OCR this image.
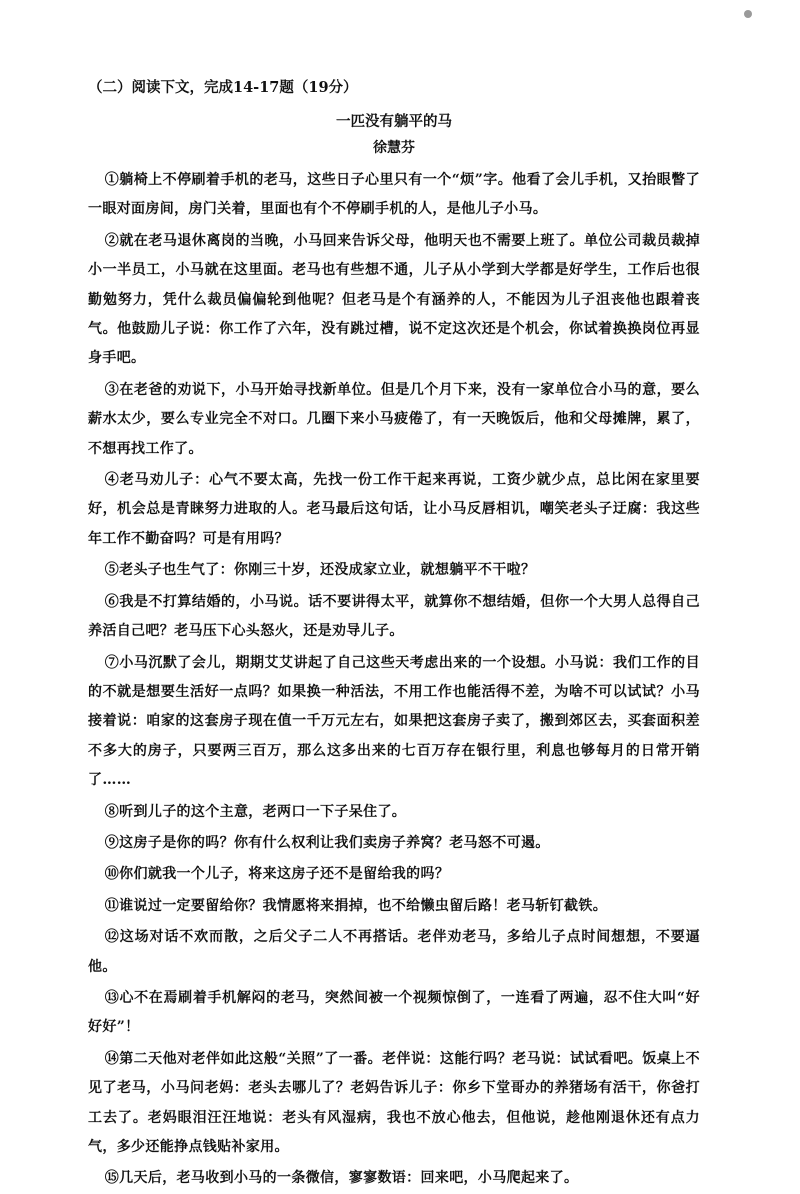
（二）阅读下文，完成14-17题（19分）

一匹没有躺平的马

徐慧芬

①躺椅上不停刷着手机的老马，这些日子心里只有一个“烦”字。他看了会儿手机，又抬眼瞥了一眼对面房间，房门关着，里面也有个不停刷手机的人，是他儿子小马。

②就在老马退休离岗的当晚，小马回来告诉父母，他明天也不需要上班了。单位公司裁员裁掉小一半员工，小马就在这里面。老马也有些想不通，儿子从小学到大学都是好学生，工作后也很勤勉努力，凭什么裁员偏偏轮到他呢？但老马是个有涵养的人，不能因为儿子沮丧他也跟着丧气。他鼓励儿子说：你工作了六年，没有跳过槽，说不定这次还是个机会，你试着换换岗位再显身手吧。

③在老爸的劝说下，小马开始寻找新单位。但是几个月下来，没有一家单位合小马的意，要么薪水太少，要么专业完全不对口。几圈下来小马疲倦了，有一天晚饭后，他和父母摊牌，累了，不想再找工作了。

④老马劝儿子：心气不要太高，先找一份工作干起来再说，工资少就少点，总比闲在家里要好，机会总是青睐努力进取的人。老马最后这句话，让小马反唇相讥，嘲笑老头子迂腐：我这些年工作不勤奋吗？可是有用吗？

⑤老头子也生气了：你刚三十岁，还没成家立业，就想躺平不干啦？

⑥我是不打算结婚的，小马说。话不要讲得太平，就算你不想结婚，但你一个大男人总得自己养活自己吧？老马压下心头怒火，还是劝导儿子。

⑦小马沉默了会儿，期期艾艾讲起了自己这些天考虑出来的一个设想。小马说：我们工作的目的不就是想要生活好一点吗？如果换一种活法，不用工作也能活得不差，为啥不可以试试？小马接着说：咱家的这套房子现在值一千万元左右，如果把这套房子卖了，搬到郊区去，买套面积差不多大的房子，只要两三百万，那么这多出来的七百万存在银行里，利息也够每月的日常开销了……

⑧听到儿子的这个主意，老两口一下子呆住了。

⑨这房子是你的吗？你有什么权利让我们卖房子养窝？老马怒不可遏。

⑩你们就我一个儿子，将来这房子还不是留给我的吗？

⑪谁说过一定要留给你？我情愿将来捐掉，也不给懒虫留后路！老马斩钉截铁。

⑫这场对话不欢而散，之后父子二人不再搭话。老伴劝老马，多给儿子点时间想想，不要逼他。

⑬心不在焉刷着手机解闷的老马，突然间被一个视频惊倒了，一连看了两遍，忍不住大叫“好好好”！

⑭第二天他对老伴如此这般“关照”了一番。老伴说：这能行吗？老马说：试试看吧。饭桌上不见了老马，小马问老妈：老头去哪儿了？老妈告诉儿子：你乡下堂哥办的养猪场有活干，你爸打工去了。老妈眼泪汪汪地说：老头有风湿病，我也不放心他去，但他说，趁他刚退休还有点力气，多少还能挣点钱贴补家用。

⑮几天后，老马收到小马的一条微信，寥寥数语：回来吧，小马爬起来了。
